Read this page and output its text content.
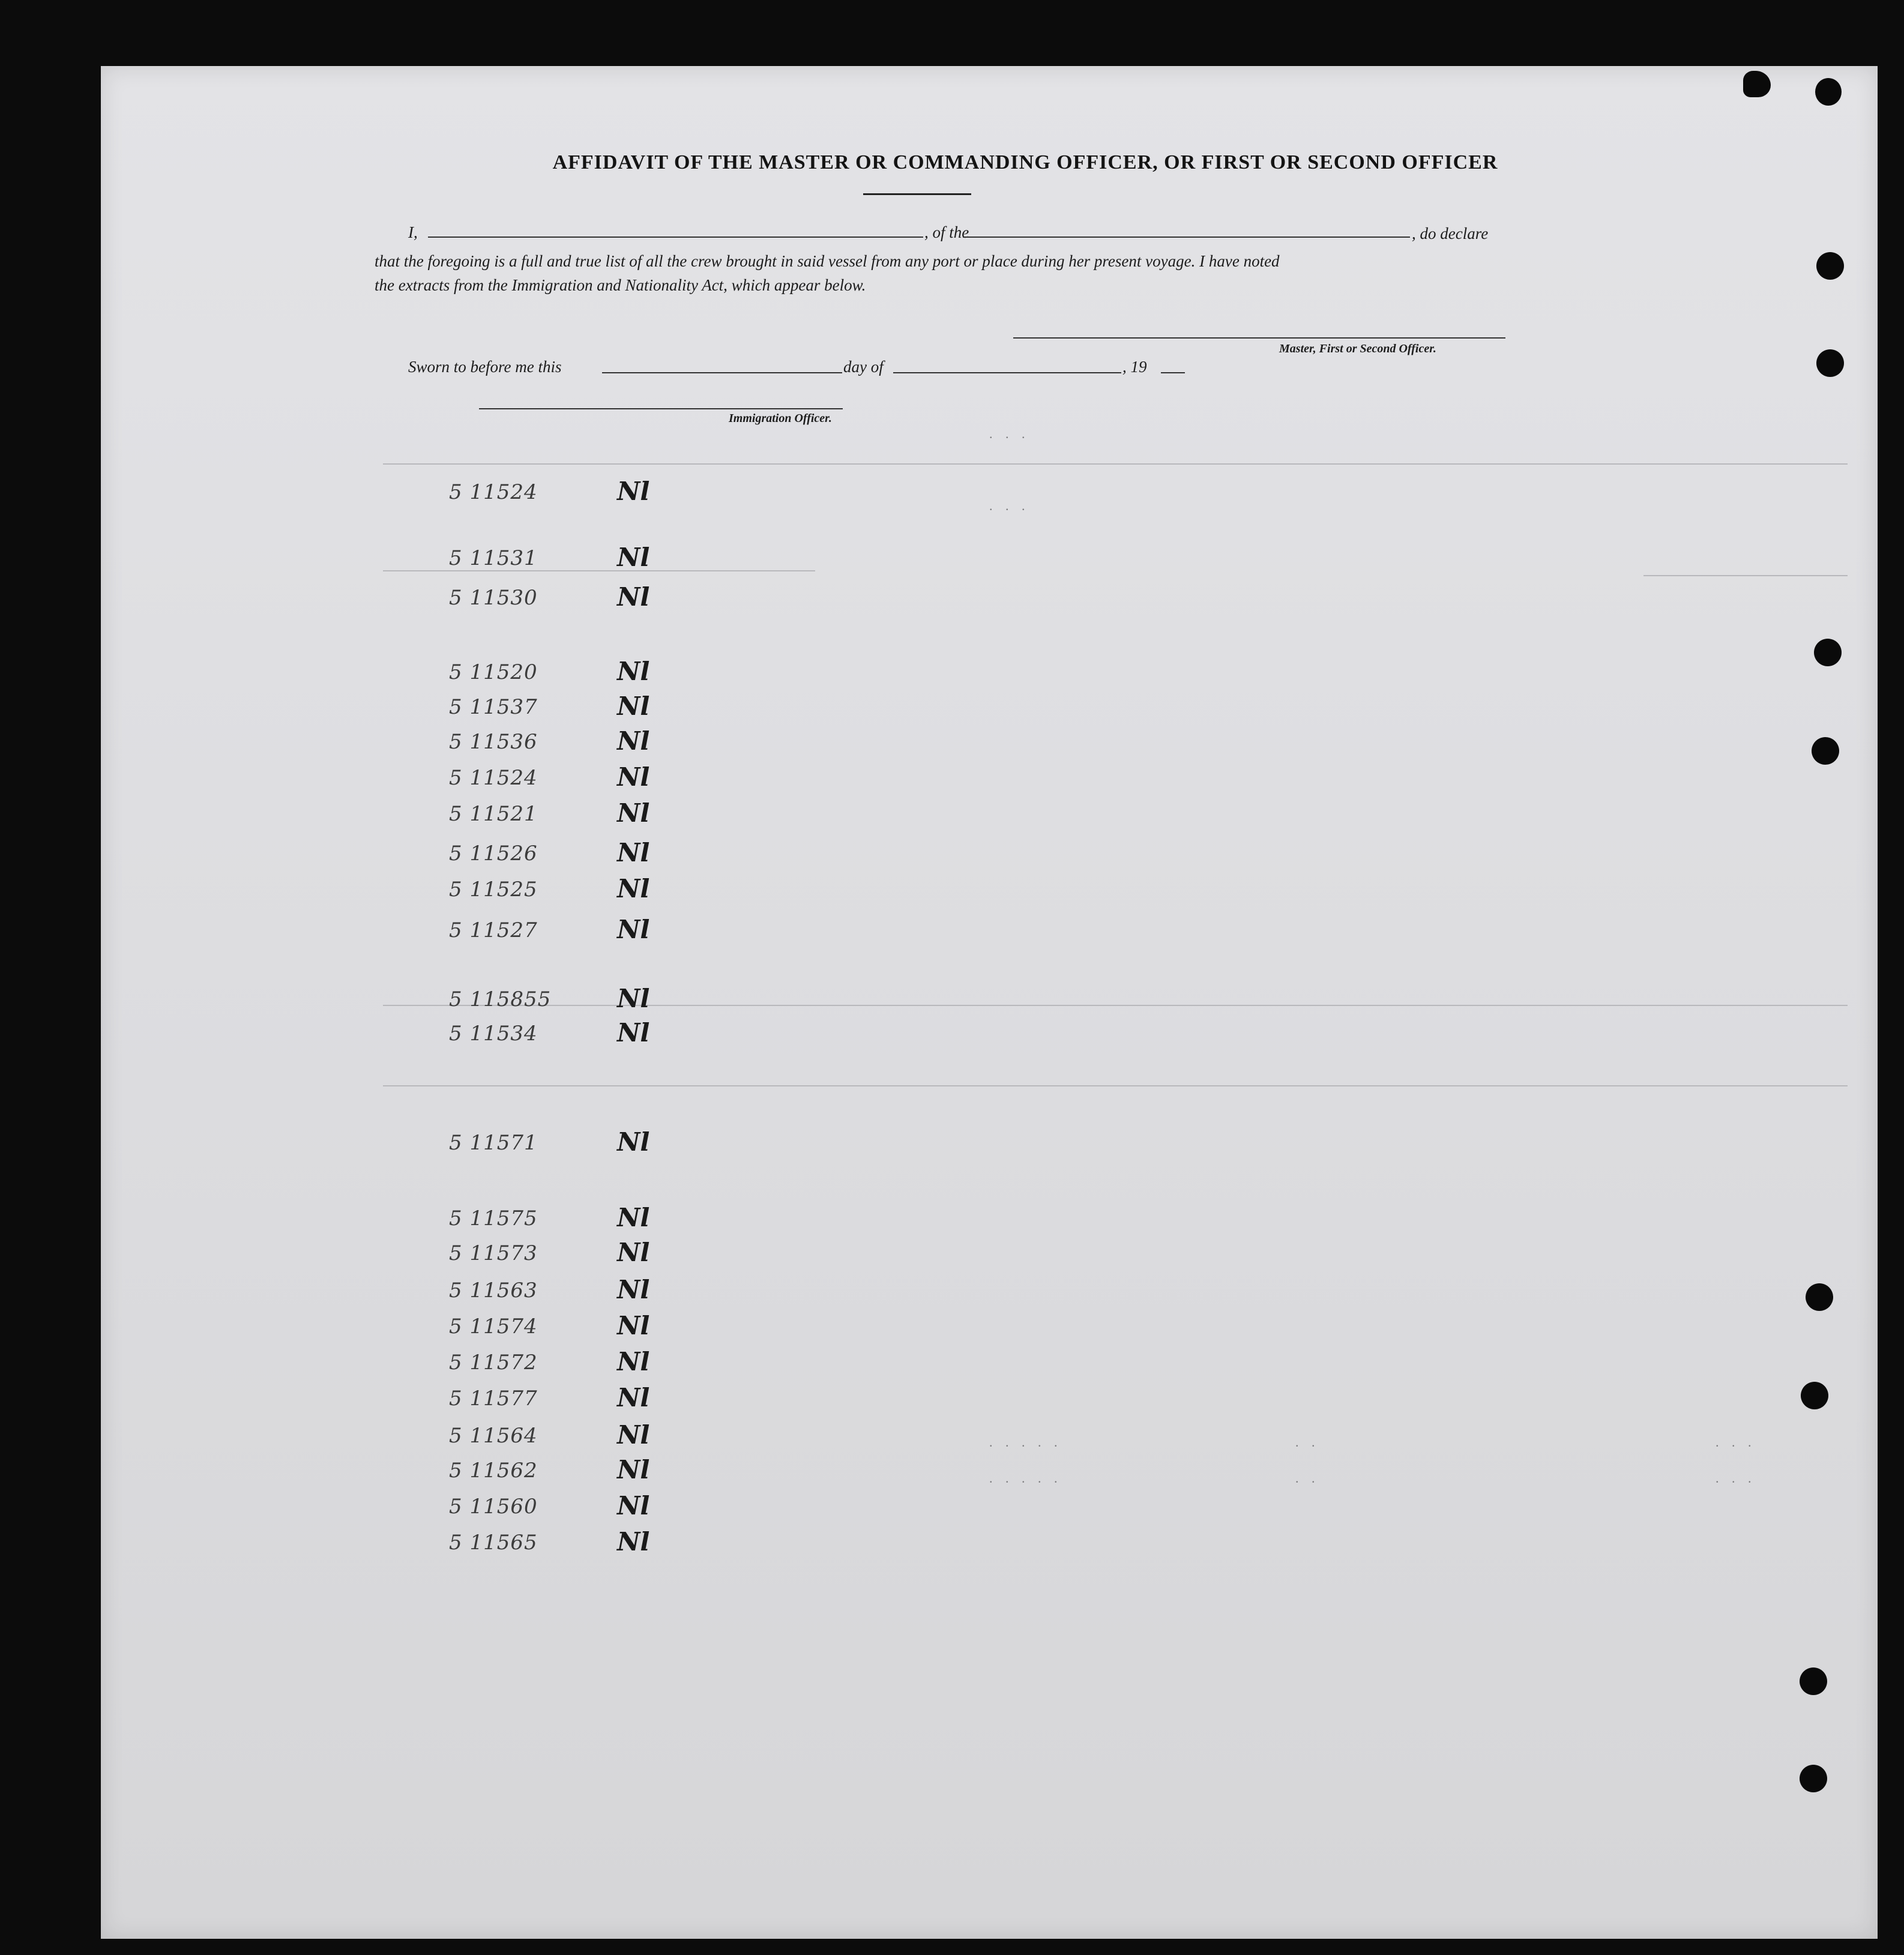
AFFIDAVIT OF THE MASTER OR COMMANDING OFFICER, OR FIRST OR SECOND OFFICER
I,	, of the	, do declare
that the foregoing is a full and true list of all the crew brought in said vessel from any port or place during her present voyage. I have noted
the extracts from the Immigration and Nationality Act, which appear below.
Master, First or Second Officer.
Sworn to before me this	day of	, 19
Immigration Officer.
5 11524	Nl
5 11531	Nl
5 11530	Nl
5 11520	Nl
5 11537	Nl
5 11536	Nl
5 11524	Nl
5 11521	Nl
5 11526	Nl
5 11525	Nl
5 11527	Nl
5 115855	Nl
5 11534	Nl
5 11571	Nl
5 11575	Nl
5 11573	Nl
5 11563	Nl
5 11574	Nl
5 11572	Nl
5 11577	Nl
5 11564	Nl
5 11562	Nl
5 11560	Nl
5 11565	Nl
. . .
. . .
. . . . .	. .	. . .
. . . . .	. .	. . .
